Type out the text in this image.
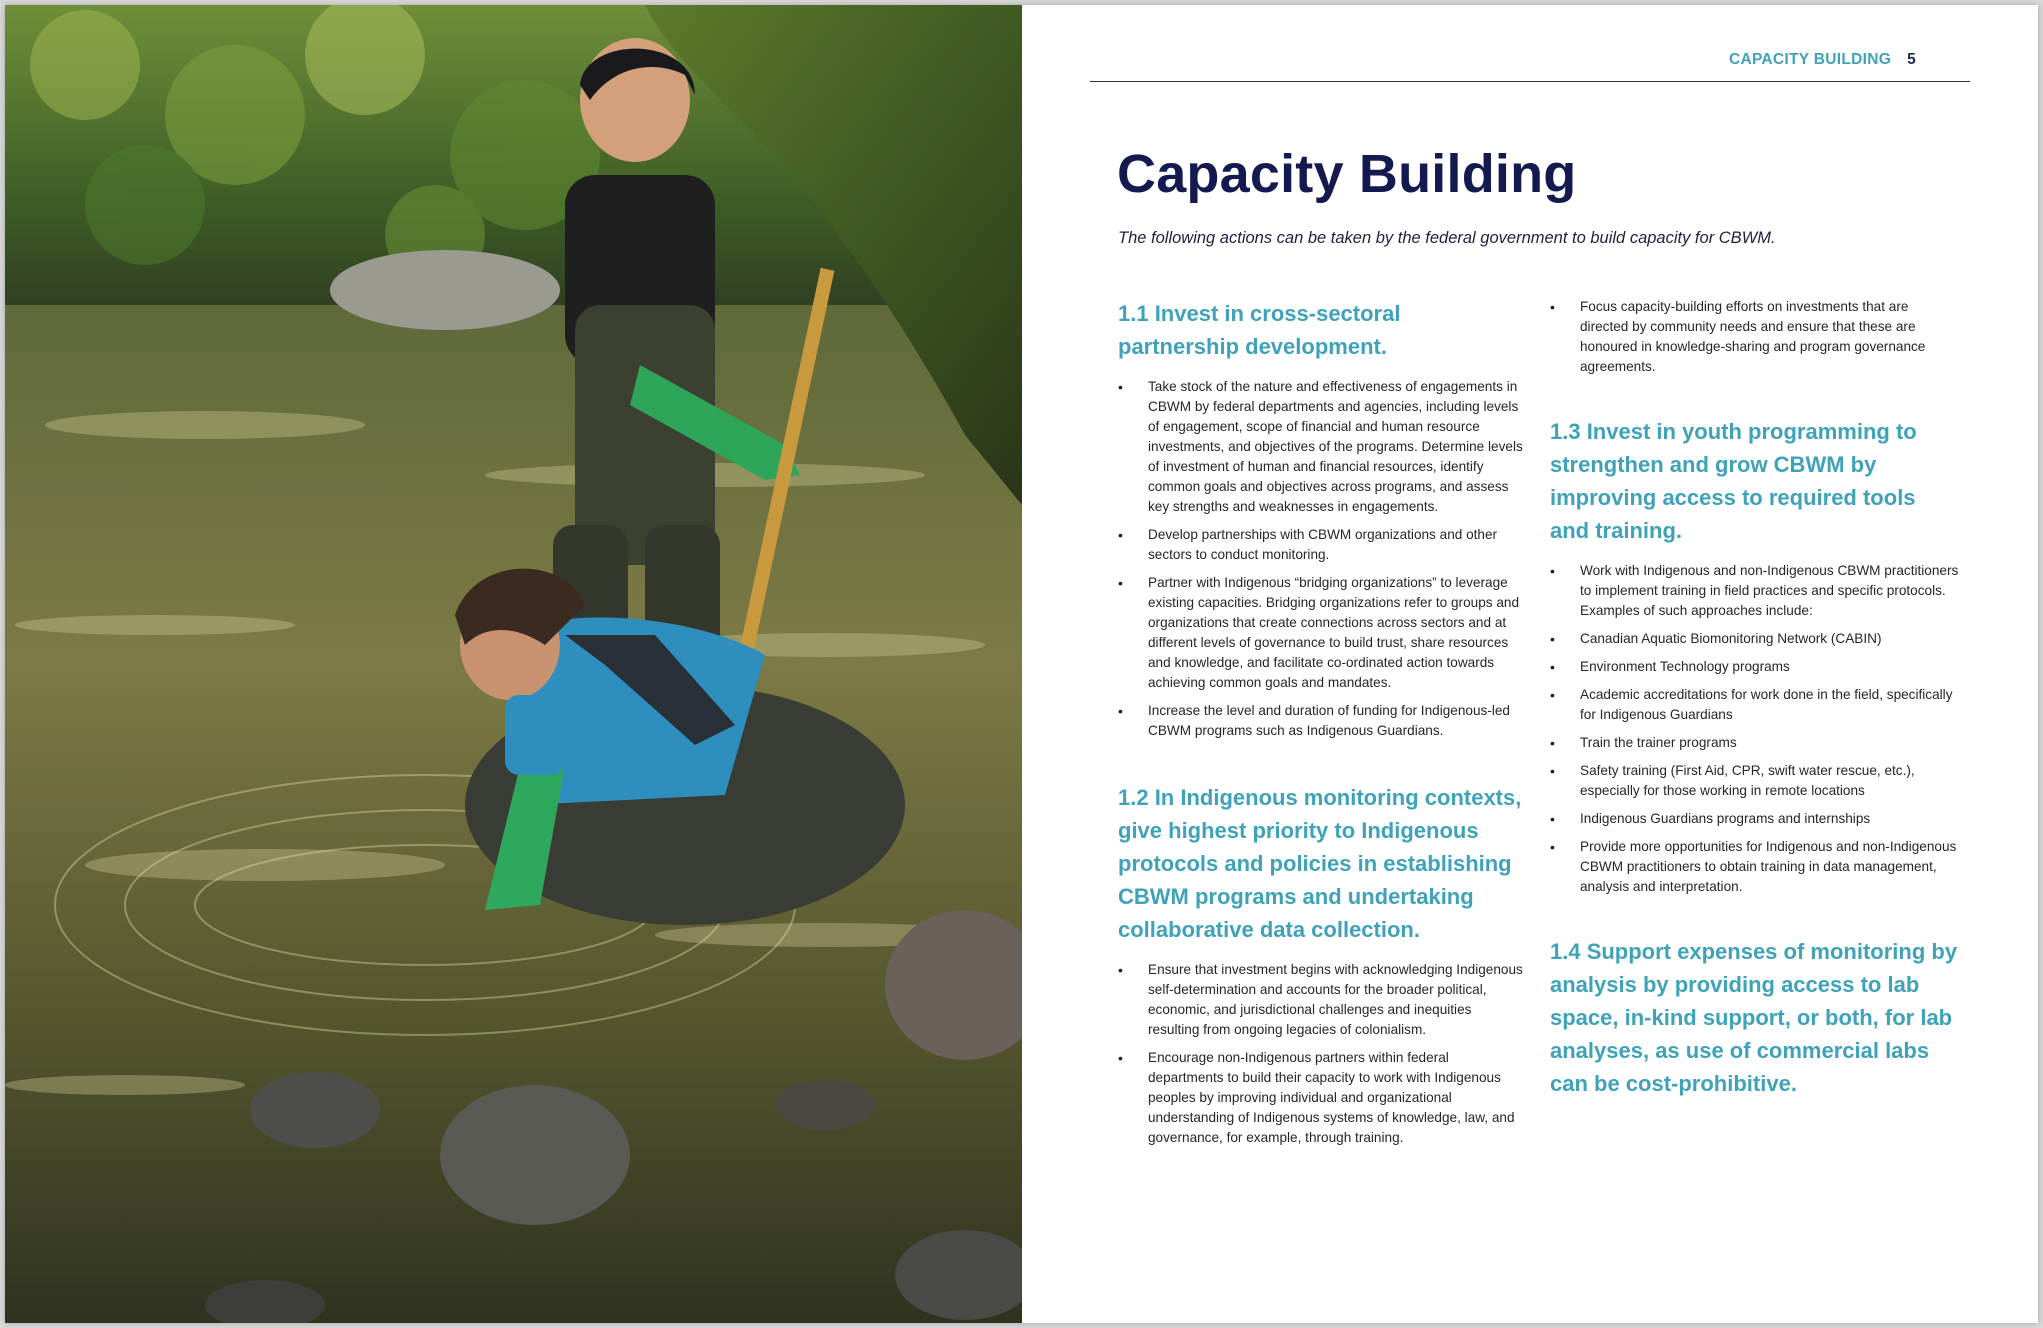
CAPACITY BUILDING 5
Capacity Building

The following actions can be taken by the federal government to build capacity for CBWM.

1.1 Invest in cross-sectoral partnership development.
• Take stock of the nature and effectiveness of engagements in CBWM by federal departments and agencies, including levels of engagement, scope of financial and human resource investments, and objectives of the programs. Determine levels of investment of human and financial resources, identify common goals and objectives across programs, and assess key strengths and weaknesses in engagements.
• Develop partnerships with CBWM organizations and other sectors to conduct monitoring.
• Partner with Indigenous “bridging organizations” to leverage existing capacities. Bridging organizations refer to groups and organizations that create connections across sectors and at different levels of governance to build trust, share resources and knowledge, and facilitate co-ordinated action towards achieving common goals and mandates.
• Increase the level and duration of funding for Indigenous-led CBWM programs such as Indigenous Guardians.
1.2 In Indigenous monitoring contexts, give highest priority to Indigenous protocols and policies in establishing CBWM programs and undertaking collaborative data collection.
• Ensure that investment begins with acknowledging Indigenous self-determination and accounts for the broader political, economic, and jurisdictional challenges and inequities resulting from ongoing legacies of colonialism.
• Encourage non-Indigenous partners within federal departments to build their capacity to work with Indigenous peoples by improving individual and organizational understanding of Indigenous systems of knowledge, law, and governance, for example, through training.
• Focus capacity-building efforts on investments that are directed by community needs and ensure that these are honoured in knowledge-sharing and program governance agreements.
1.3 Invest in youth programming to strengthen and grow CBWM by improving access to required tools and training.
• Work with Indigenous and non-Indigenous CBWM practitioners to implement training in field practices and specific protocols. Examples of such approaches include:
• Canadian Aquatic Biomonitoring Network (CABIN)
• Environment Technology programs
• Academic accreditations for work done in the field, specifically for Indigenous Guardians
• Train the trainer programs
• Safety training (First Aid, CPR, swift water rescue, etc.), especially for those working in remote locations
• Indigenous Guardians programs and internships
• Provide more opportunities for Indigenous and non-Indigenous CBWM practitioners to obtain training in data management, analysis and interpretation.
1.4 Support expenses of monitoring by analysis by providing access to lab space, in-kind support, or both, for lab analyses, as use of commercial labs can be cost-prohibitive.
